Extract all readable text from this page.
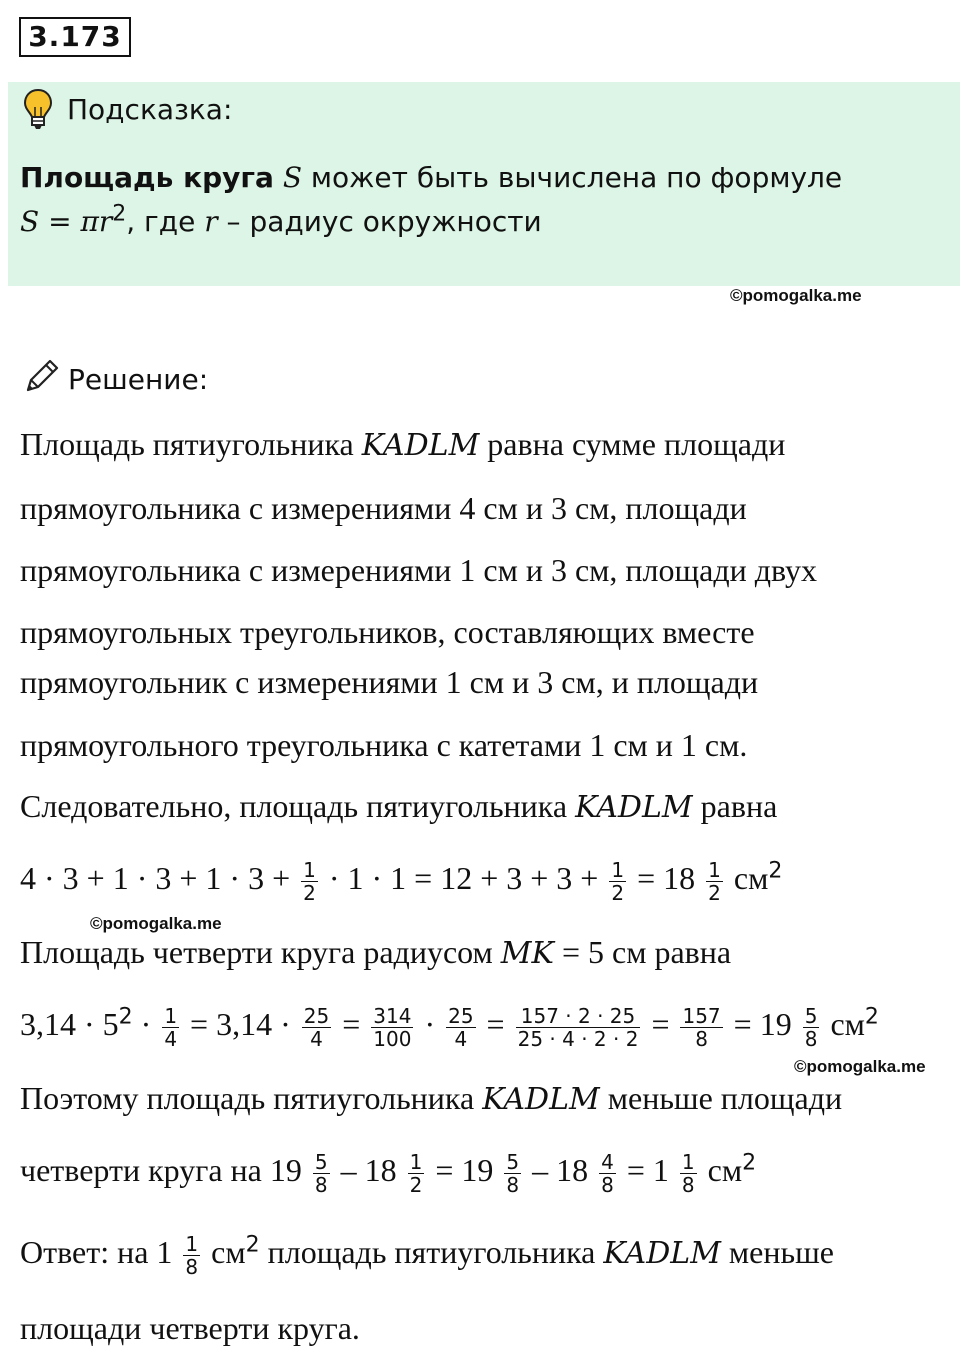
3.173
Подсказка:
Площадь круга S может быть вычислена по формуле
$S = \pi r^2$, где r – радиус окружности
©pomogalka.me
Решение:
Площадь пятиугольника KADLM равна сумме площади
прямоугольника с измерениями 4 см и 3 см, площади
прямоугольника с измерениями 1 см и 3 см, площади двух
прямоугольных треугольников, составляющих вместе
прямоугольник с измерениями 1 см и 3 см, и площади
прямоугольного треугольника с катетами 1 см и 1 см.
Следовательно, площадь пятиугольника KADLM равна
$4 \cdot 3 + 1 \cdot 3 + 1 \cdot 3 + \frac{1}{2} \cdot 1 \cdot 1 = 12 + 3 + 3 + \frac{1}{2} = 18 \frac{1}{2} см^2$
©pomogalka.me
Площадь четверти круга радиусом MK = 5 см равна
$3,14 \cdot 5^2 \cdot \frac{1}{4} = 3,14 \cdot \frac{25}{4} = \frac{314}{100} \cdot \frac{25}{4} = \frac{157 \cdot 2 \cdot 25}{25 \cdot 4 \cdot 2 \cdot 2} = \frac{157}{8} = 19 \frac{5}{8} см^2$
©pomogalka.me
Поэтому площадь пятиугольника KADLM меньше площади
четверти круга на $19 \frac{5}{8} - 18 \frac{1}{2} = 19 \frac{5}{8} - 18 \frac{4}{8} = 1 \frac{1}{8} см^2$
Ответ: на $1 \frac{1}{8} см^2$ площадь пятиугольника KADLM меньше
площади четверти круга.
